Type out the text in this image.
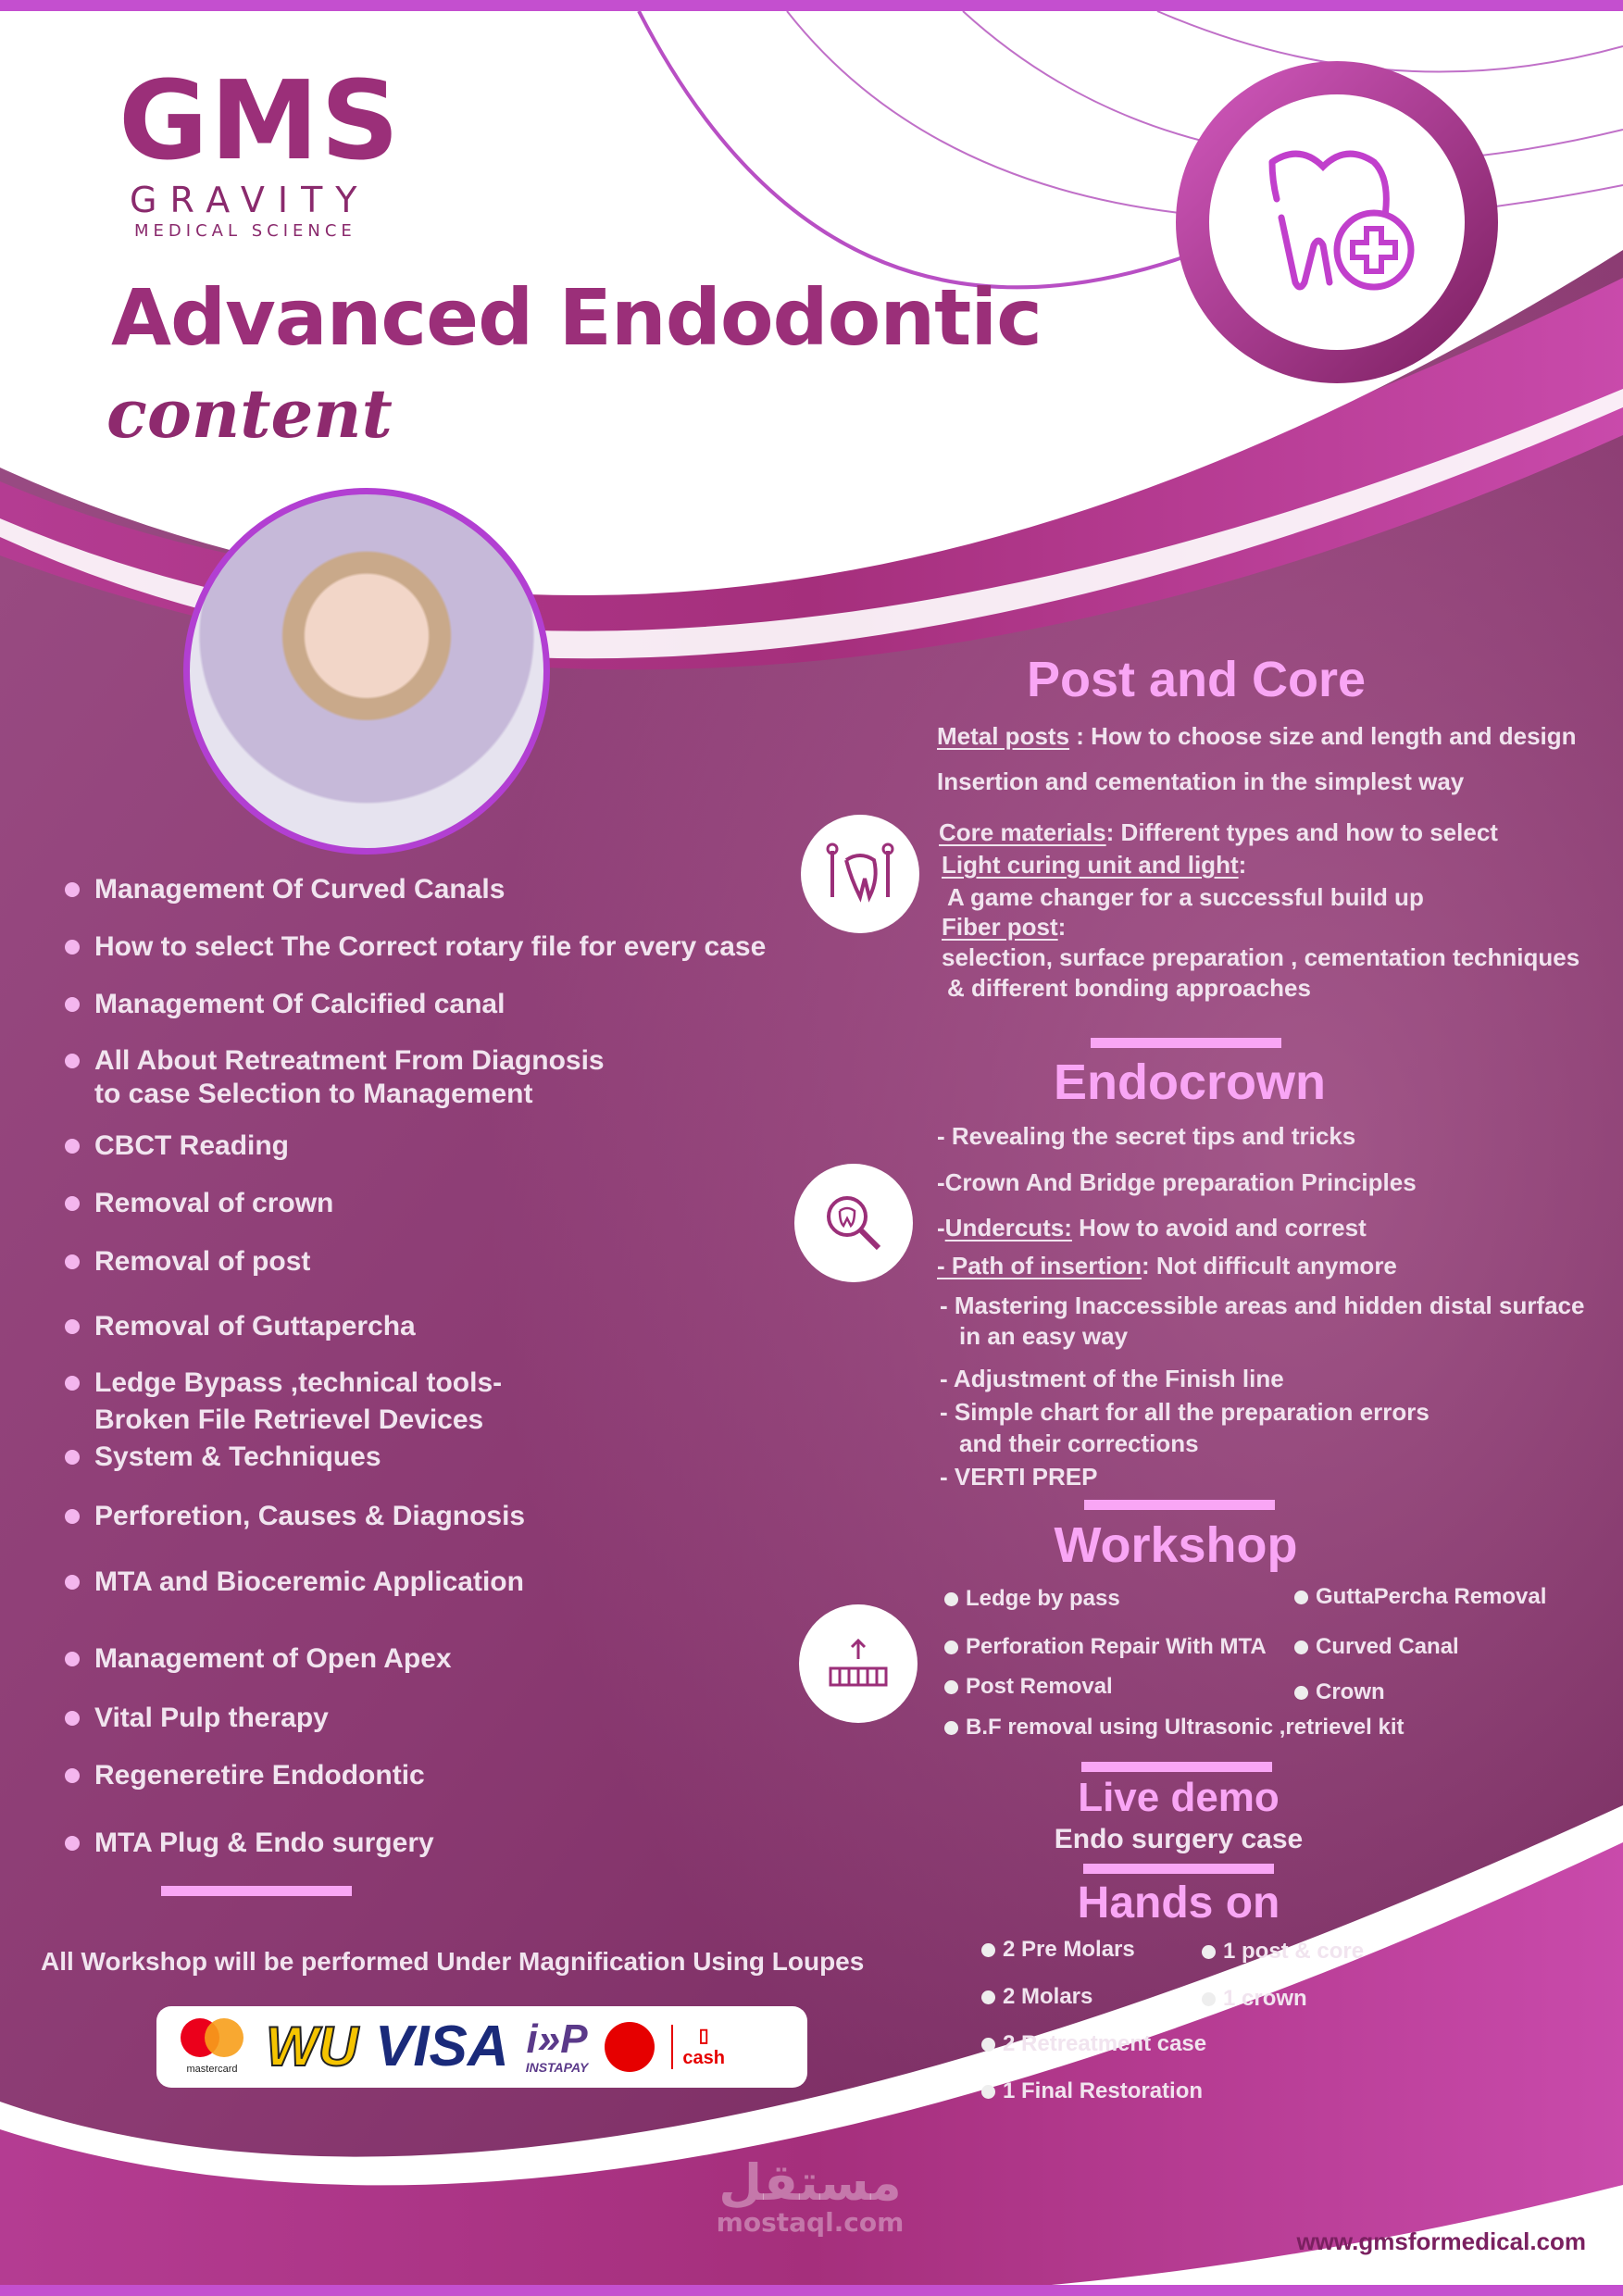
GMS
GRAVITY
MEDICAL SCIENCE
Advanced Endodontic
content
Management Of Curved Canals
How to select The Correct rotary file for every case
Management Of Calcified canal
All About Retreatment From Diagnosis
to case Selection to Management
CBCT Reading
Removal of crown
Removal of post
Removal of Guttapercha
Ledge Bypass ,technical tools-
Broken File Retrievel Devices
System & Techniques
Perforetion, Causes & Diagnosis
MTA and Bioceremic Application
Management of Open Apex
Vital Pulp therapy
Regeneretire Endodontic
MTA Plug & Endo surgery
All Workshop will be performed Under Magnification Using Loupes
mastercard WU VISA i»P
INSTAPAY
▯
cash
Post and Core
Metal posts : How to choose size and length and design
Insertion and cementation in the simplest way
Core materials: Different types and how to select
Light curing unit and light:
A game changer for a successful build up
Fiber post:
selection, surface preparation , cementation techniques
& different bonding approaches
Endocrown
- Revealing the secret tips and tricks
-Crown And Bridge preparation Principles
-Undercuts: How to avoid and correst
- Path of insertion: Not difficult anymore
- Mastering Inaccessible areas and hidden distal surface
in an easy way
- Adjustment of the Finish line
- Simple chart for all the preparation errors
and their corrections
- VERTI PREP
Workshop
Ledge by pass
Perforation Repair With MTA
Post Removal
B.F removal using Ultrasonic ,retrievel kit
GuttaPercha Removal
Curved Canal
Crown
Live demo
Endo surgery case
Hands on
2 Pre Molars
2 Molars
2 Retreatment case
1 Final Restoration
1 post & core
1 crown
مستقل
mostaql.com
www.gmsformedical.com
